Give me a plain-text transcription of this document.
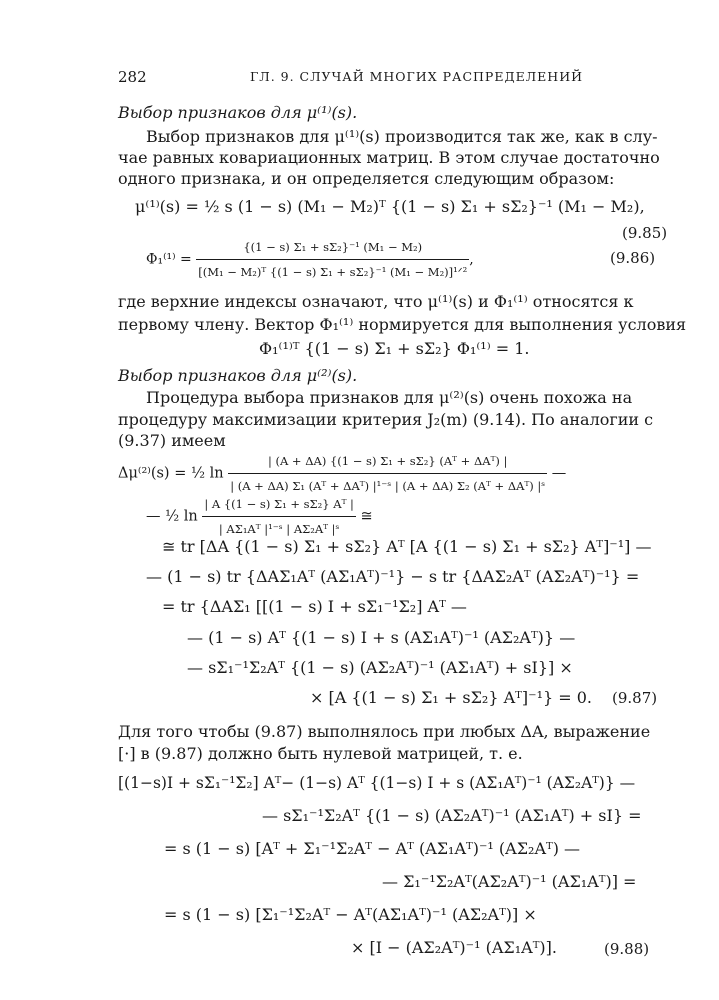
282	ГЛ. 9. СЛУЧАЙ МНОГИХ РАСПРЕДЕЛЕНИЙ
Выбор признаков для μ⁽¹⁾(s).
Выбор признаков для μ⁽¹⁾(s) производится так же, как в слу-
чае равных ковариационных матриц. В этом случае достаточно
одного признака, и он определяется следующим образом:
μ⁽¹⁾(s) = ½ s (1 − s) (M₁ − M₂)ᵀ {(1 − s) Σ₁ + sΣ₂}⁻¹ (M₁ − M₂),
(9.85)
$\Phi_1^{(1)} = \frac{\text{\{(1 − s) Σ₁ + sΣ₂\}⁻¹ (M₁ − M₂)}}{\text{[(M₁ − M₂)ᵀ \{(1 − s) Σ₁ + sΣ₂\}⁻¹ (M₁ − M₂)]¹ᐟ²}}$ ,	(9.86)
где верхние индексы означают, что μ⁽¹⁾(s) и Φ₁⁽¹⁾ относятся к
первому члену. Вектор Φ₁⁽¹⁾ нормируется для выполнения условия
Φ₁⁽¹⁾ᵀ {(1 − s) Σ₁ + sΣ₂} Φ₁⁽¹⁾ = 1.
Выбор признаков для μ⁽²⁾(s).
Процедура выбора признаков для μ⁽²⁾(s) очень похожа на
процедуру максимизации критерия J₂(m) (9.14). По аналогии с
(9.37) имеем
Δμ⁽²⁾(s) = ½ $\ln \frac{\text{| (A + ΔA) \{(1 − s) Σ₁ + sΣ₂\} (Aᵀ + ΔAᵀ) |}}{\text{| (A + ΔA) Σ₁ (Aᵀ + ΔAᵀ) |¹⁻ˢ | (A + ΔA) Σ₂ (Aᵀ + ΔAᵀ) |ˢ}}$ —
— ½ $\ln \frac{\text{| A \{(1 − s) Σ₁ + sΣ₂\} Aᵀ |}}{\text{| AΣ₁Aᵀ |¹⁻ˢ | AΣ₂Aᵀ |ˢ}}$ ≅
≅ tr [ΔA {(1 − s) Σ₁ + sΣ₂} Aᵀ [A {(1 − s) Σ₁ + sΣ₂} Aᵀ]⁻¹] —
— (1 − s) tr {ΔAΣ₁Aᵀ (AΣ₁Aᵀ)⁻¹} − s tr {ΔAΣ₂Aᵀ (AΣ₂Aᵀ)⁻¹} =
= tr {ΔAΣ₁ [[(1 − s) I + sΣ₁⁻¹Σ₂] Aᵀ —
— (1 − s) Aᵀ {(1 − s) I + s (AΣ₁Aᵀ)⁻¹ (AΣ₂Aᵀ)} —
— sΣ₁⁻¹Σ₂Aᵀ {(1 − s) (AΣ₂Aᵀ)⁻¹ (AΣ₁Aᵀ) + sI}] ×
× [A {(1 − s) Σ₁ + sΣ₂} Aᵀ]⁻¹} = 0. (9.87)
Для того чтобы (9.87) выполнялось при любых ΔA, выражение
[·] в (9.87) должно быть нулевой матрицей, т. е.
[(1−s)I + sΣ₁⁻¹Σ₂] Aᵀ− (1−s) Aᵀ {(1−s) I + s (AΣ₁Aᵀ)⁻¹ (AΣ₂Aᵀ)} —
— sΣ₁⁻¹Σ₂Aᵀ {(1 − s) (AΣ₂Aᵀ)⁻¹ (AΣ₁Aᵀ) + sI} =
= s (1 − s) [Aᵀ + Σ₁⁻¹Σ₂Aᵀ − Aᵀ (AΣ₁Aᵀ)⁻¹ (AΣ₂Aᵀ) —
— Σ₁⁻¹Σ₂Aᵀ(AΣ₂Aᵀ)⁻¹ (AΣ₁Aᵀ)] =
= s (1 − s) [Σ₁⁻¹Σ₂Aᵀ − Aᵀ(AΣ₁Aᵀ)⁻¹ (AΣ₂Aᵀ)] ×
× [I − (AΣ₂Aᵀ)⁻¹ (AΣ₁Aᵀ)].	(9.88)
